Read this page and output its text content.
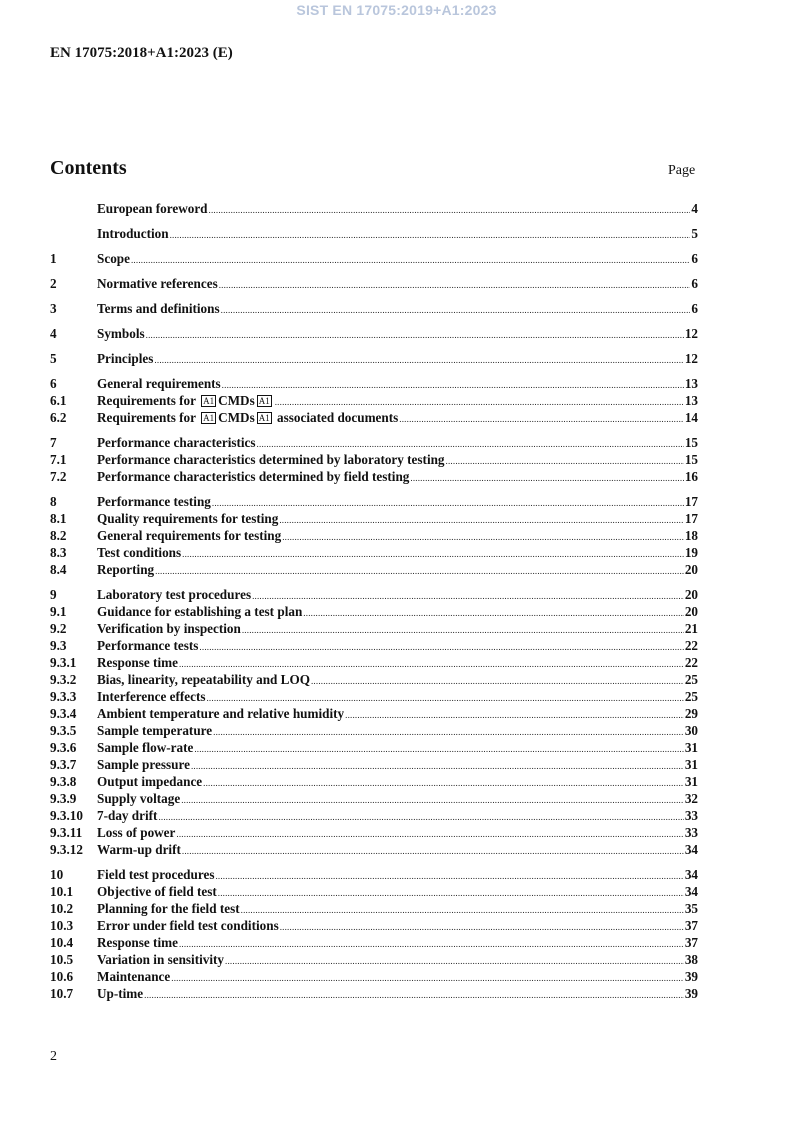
SIST EN 17075:2019+A1:2023
EN 17075:2018+A1:2023 (E)
Contents	Page
European foreword .....	4
Introduction .....	5
1	Scope .....	6
2	Normative references .....	6
3	Terms and definitions .....	6
4	Symbols .....	12
5	Principles .....	12
6	General requirements .....	13
6.1	Requirements for A1 CMDs A1 .....	13
6.2	Requirements for A1 CMDs A1 associated documents .....	14
7	Performance characteristics .....	15
7.1	Performance characteristics determined by laboratory testing .....	15
7.2	Performance characteristics determined by field testing .....	16
8	Performance testing .....	17
8.1	Quality requirements for testing .....	17
8.2	General requirements for testing .....	18
8.3	Test conditions .....	19
8.4	Reporting .....	20
9	Laboratory test procedures .....	20
9.1	Guidance for establishing a test plan .....	20
9.2	Verification by inspection .....	21
9.3	Performance tests .....	22
9.3.1	Response time .....	22
9.3.2	Bias, linearity, repeatability and LOQ .....	25
9.3.3	Interference effects .....	25
9.3.4	Ambient temperature and relative humidity .....	29
9.3.5	Sample temperature .....	30
9.3.6	Sample flow-rate .....	31
9.3.7	Sample pressure .....	31
9.3.8	Output impedance .....	31
9.3.9	Supply voltage .....	32
9.3.10	7-day drift .....	33
9.3.11	Loss of power .....	33
9.3.12	Warm-up drift .....	34
10	Field test procedures .....	34
10.1	Objective of field test .....	34
10.2	Planning for the field test .....	35
10.3	Error under field test conditions .....	37
10.4	Response time .....	37
10.5	Variation in sensitivity .....	38
10.6	Maintenance .....	39
10.7	Up-time .....	39
2
